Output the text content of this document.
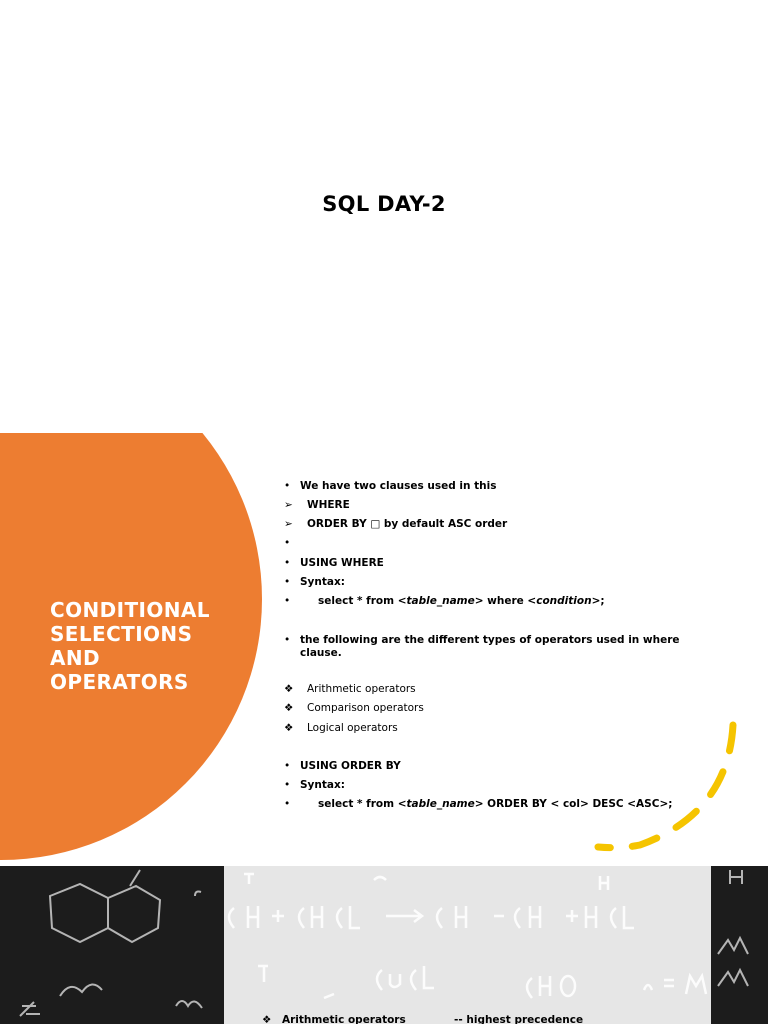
SQL DAY-2
CONDITIONAL
SELECTIONS
AND
OPERATORS
• We have two clauses used in this
➢	WHERE
➢	ORDER BY □ by default ASC order
•
• USING WHERE
• Syntax:
•	select * from <table_name> where <condition>;
• the following are the different types of operators used in where clause.
❖	Arithmetic operators
❖	Comparison operators
❖	Logical operators
• USING ORDER BY
• Syntax:
•	select * from <table_name> ORDER BY < col> DESC <ASC>;
❖ Arithmetic operators	-- highest precedence
